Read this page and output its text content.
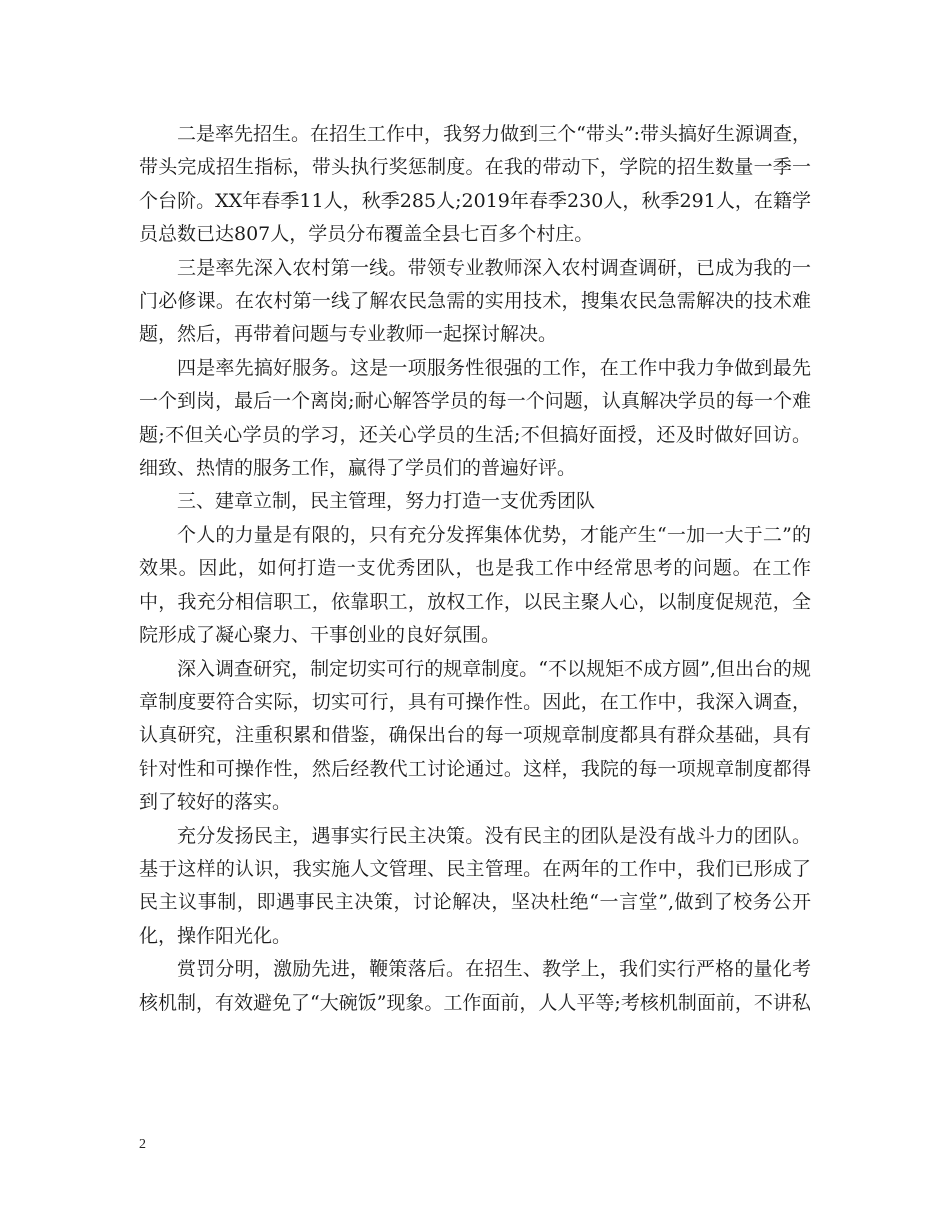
二是率先招生。在招生工作中，我努力做到三个“带头”:带头搞好生源调查，带头完成招生指标，带头执行奖惩制度。在我的带动下，学院的招生数量一季一个台阶。XX年春季11人，秋季285人;2019年春季230人，秋季291人，在籍学员总数已达807人，学员分布覆盖全县七百多个村庄。

三是率先深入农村第一线。带领专业教师深入农村调查调研，已成为我的一门必修课。在农村第一线了解农民急需的实用技术，搜集农民急需解决的技术难题，然后，再带着问题与专业教师一起探讨解决。

四是率先搞好服务。这是一项服务性很强的工作，在工作中我力争做到最先一个到岗，最后一个离岗;耐心解答学员的每一个问题，认真解决学员的每一个难题;不但关心学员的学习，还关心学员的生活;不但搞好面授，还及时做好回访。细致、热情的服务工作，赢得了学员们的普遍好评。

三、建章立制，民主管理，努力打造一支优秀团队

个人的力量是有限的，只有充分发挥集体优势，才能产生“一加一大于二”的效果。因此，如何打造一支优秀团队，也是我工作中经常思考的问题。在工作中，我充分相信职工，依靠职工，放权工作，以民主聚人心，以制度促规范，全院形成了凝心聚力、干事创业的良好氛围。

深入调查研究，制定切实可行的规章制度。“不以规矩不成方圆”,但出台的规章制度要符合实际，切实可行，具有可操作性。因此，在工作中，我深入调查，认真研究，注重积累和借鉴，确保出台的每一项规章制度都具有群众基础，具有针对性和可操作性，然后经教代工讨论通过。这样，我院的每一项规章制度都得到了较好的落实。

充分发扬民主，遇事实行民主决策。没有民主的团队是没有战斗力的团队。基于这样的认识，我实施人文管理、民主管理。在两年的工作中，我们已形成了民主议事制，即遇事民主决策，讨论解决，坚决杜绝“一言堂”,做到了校务公开化，操作阳光化。

赏罚分明，激励先进，鞭策落后。在招生、教学上，我们实行严格的量化考核机制，有效避免了“大碗饭”现象。工作面前，人人平等;考核机制面前，不讲私

2
